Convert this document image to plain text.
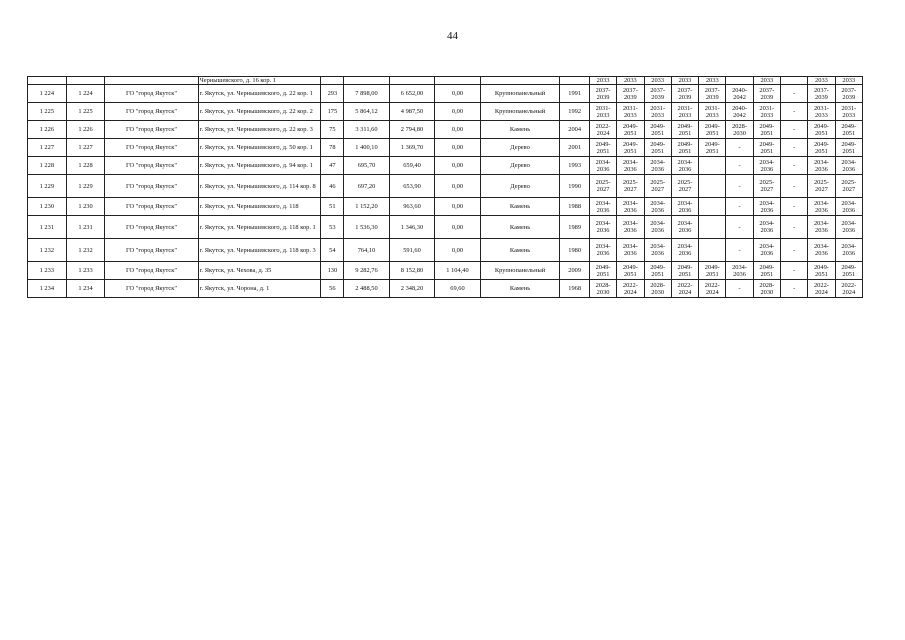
44
			Чернышевского, д. 16 кор. 1							2033	2033	2033	2033	2033		2033		2033	2033
1 224	1 224	ГО "город Якутск"	г. Якутск, ул. Чернышевского, д. 22 кор. 1	293	7 898,00	6 652,00	0,00	Крупнопанельный	1991	2037-2039	2037-2039	2037-2039	2037-2039	2037-2039	2040-2042	2037-2039	-	2037-2039	2037-2039
1 225	1 225	ГО "город Якутск"	г. Якутск, ул. Чернышевского, д. 22 кор. 2	175	5 864,12	4 987,50	0,00	Крупнопанельный	1992	2031-2033	2031-2033	2031-2033	2031-2033	2031-2033	2040-2042	2031-2033	-	2031-2033	2031-2033
1 226	1 226	ГО "город Якутск"	г. Якутск, ул. Чернышевского, д. 22 кор. 3	75	3 311,60	2 794,80	0,00	Камень	2004	2022-2024	2049-2051	2049-2051	2049-2051	2049-2051	2028-2030	2049-2051	-	2049-2051	2049-2051
1 227	1 227	ГО "город Якутск"	г. Якутск, ул. Чернышевского, д. 50 кор. 1	78	1 400,10	1 369,70	0,00	Дерево	2001	2049-2051	2049-2051	2049-2051	2049-2051	2049-2051	-	2049-2051	-	2049-2051	2049-2051
1 228	1 228	ГО "город Якутск"	г. Якутск, ул. Чернышевского, д. 94 кор. 1	47	695,70	659,40	0,00	Дерево	1993	2034-2036	2034-2036	2034-2036	2034-2036		-	2034-2036	-	2034-2036	2034-2036
1 229	1 229	ГО "город Якутск"	г. Якутск, ул. Чернышевского, д. 114 кор. 8	46	697,20	653,90	0,00	Дерево	1990	2025-2027	2025-2027	2025-2027	2025-2027		-	2025-2027	-	2025-2027	2025-2027
1 230	1 230	ГО "город Якутск"	г. Якутск, ул. Чернышевского, д. 118	51	1 152,20	963,60	0,00	Камень	1988	2034-2036	2034-2036	2034-2036	2034-2036		-	2034-2036	-	2034-2036	2034-2036
1 231	1 231	ГО "город Якутск"	г. Якутск, ул. Чернышевского, д. 118 кор. 1	53	1 536,30	1 346,30	0,00	Камень	1989	2034-2036	2034-2036	2034-2036	2034-2036		-	2034-2036	-	2034-2036	2034-2036
1 232	1 232	ГО "город Якутск"	г. Якутск, ул. Чернышевского, д. 118 кор. 3	54	764,10	591,60	0,00	Камень	1980	2034-2036	2034-2036	2034-2036	2034-2036		-	2034-2036	-	2034-2036	2034-2036
1 233	1 233	ГО "город Якутск"	г. Якутск, ул. Чехова, д. 35	130	9 282,76	8 152,80	1 104,40	Крупнопанельный	2009	2049-2051	2049-2051	2049-2051	2049-2051	2049-2051	2034-2036	2049-2051	-	2049-2051	2049-2051
1 234	1 234	ГО "город Якутск"	г. Якутск, ул. Чорона, д. 1	56	2 488,50	2 348,20	69,60	Камень	1968	2028-2030	2022-2024	2028-2030	2022-2024	2022-2024	-	2028-2030	-	2022-2024	2022-2024
